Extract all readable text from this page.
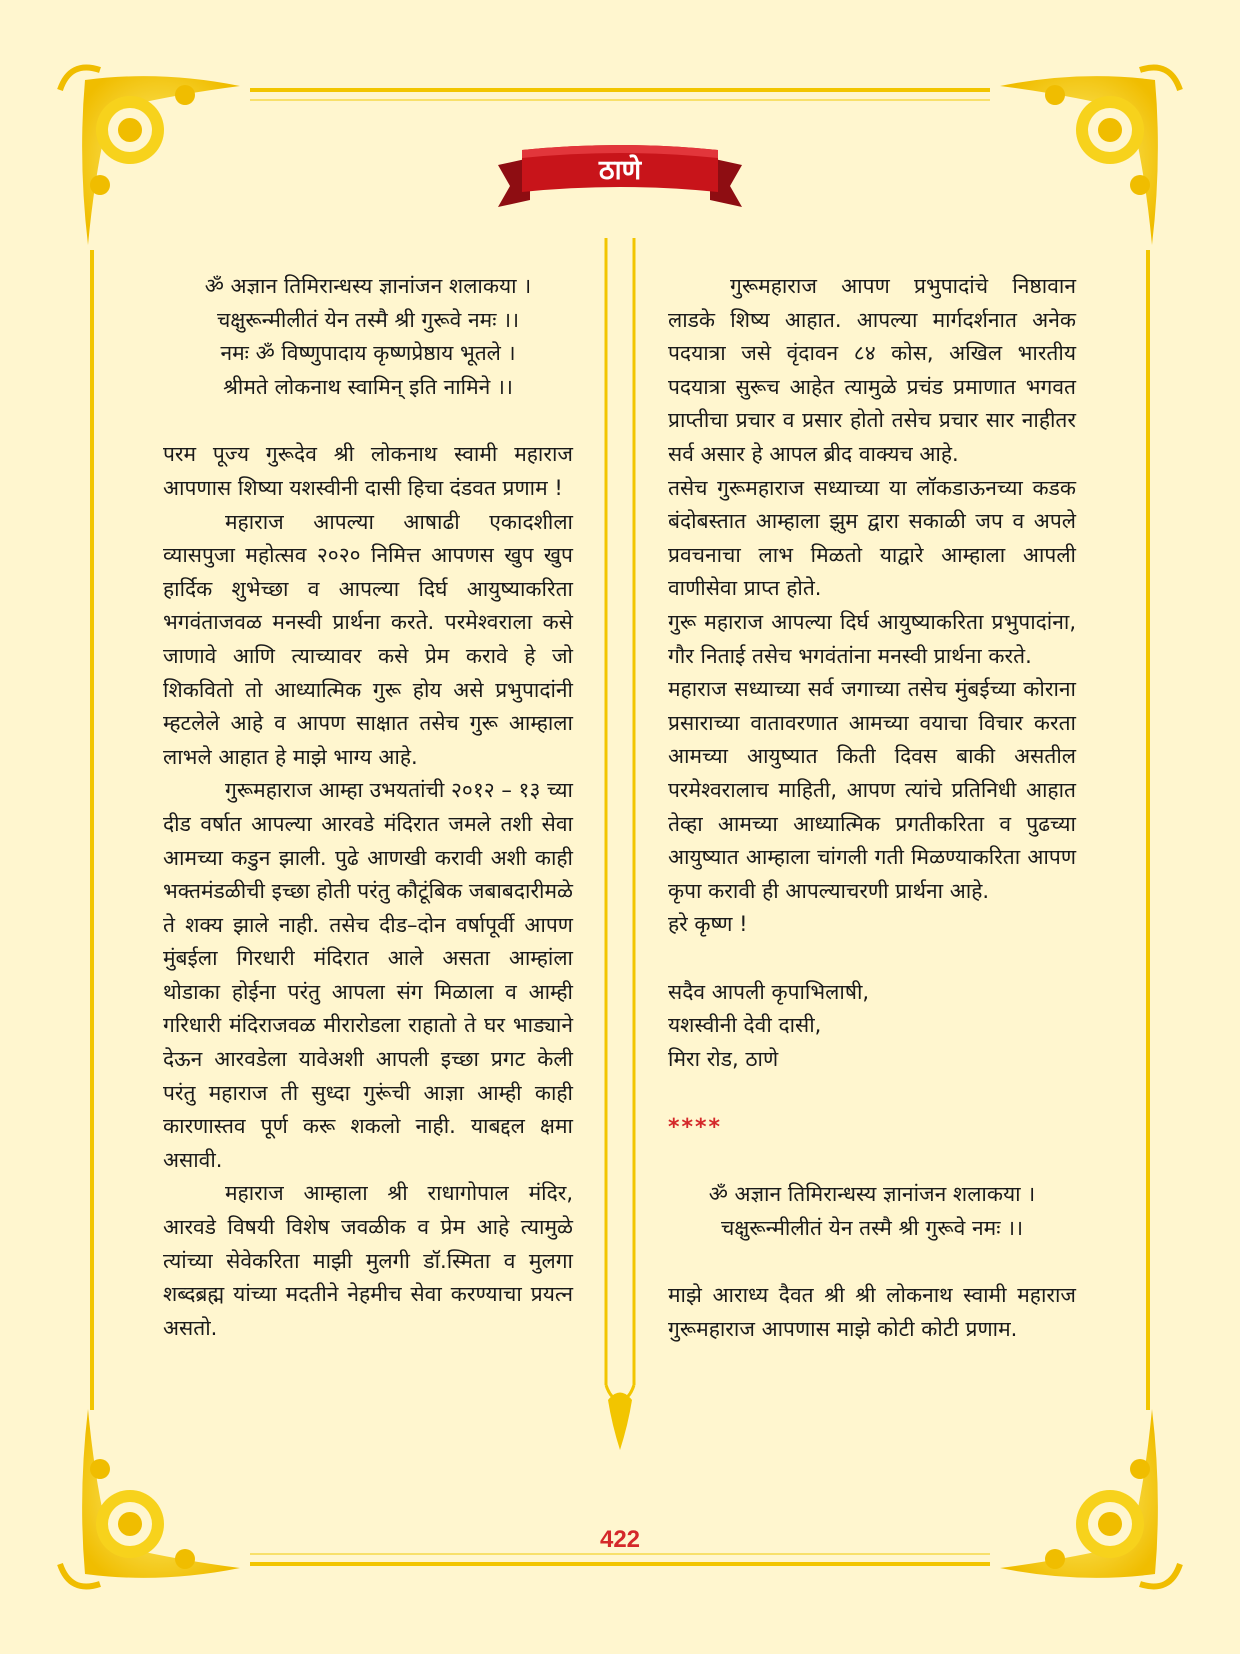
ठाणे
ॐ अज्ञान तिमिरान्धस्य ज्ञानांजन शलाकया ।
चक्षुरून्मीलीतं येन तस्मै श्री गुरूवे नमः ।।
नमः ॐ विष्णुपादाय कृष्णप्रेष्ठाय भूतले ।
श्रीमते लोकनाथ स्वामिन् इति नामिने ।।
परम पूज्य गुरूदेव श्री लोकनाथ स्वामी महाराज आपणास शिष्या यशस्वीनी दासी हिचा दंडवत प्रणाम !
महाराज आपल्या आषाढी एकादशीला व्यासपुजा महोत्सव २०२० निमित्त आपणस खुप खुप हार्दिक शुभेच्छा व आपल्या दिर्घ आयुष्याकरिता भगवंताजवळ मनस्वी प्रार्थना करते. परमेश्वराला कसे जाणावे आणि त्याच्यावर कसे प्रेम करावे हे जो शिकवितो तो आध्यात्मिक गुरू होय असे प्रभुपादांनी म्हटलेले आहे व आपण साक्षात तसेच गुरू आम्हाला लाभले आहात हे माझे भाग्य आहे.
गुरूमहाराज आम्हा उभयतांची २०१२ – १३ च्या दीड वर्षात आपल्या आरवडे मंदिरात जमले तशी सेवा आमच्या कडुन झाली. पुढे आणखी करावी अशी काही भक्तमंडळीची इच्छा होती परंतु कौटूंबिक जबाबदारीमळे ते शक्य झाले नाही. तसेच दीड–दोन वर्षापूर्वी आपण मुंबईला गिरधारी मंदिरात आले असता आम्हांला थोडाका होईना परंतु आपला संग मिळाला व आम्ही गरिधारी मंदिराजवळ मीरारोडला राहातो ते घर भाड्याने देऊन आरवडेला यावेअशी आपली इच्छा प्रगट केली परंतु महाराज ती सुध्दा गुरूंची आज्ञा आम्ही काही कारणास्तव पूर्ण करू शकलो नाही. याबद्दल क्षमा असावी.
महाराज आम्हाला श्री राधागोपाल मंदिर, आरवडे विषयी विशेष जवळीक व प्रेम आहे त्यामुळे त्यांच्या सेवेकरिता माझी मुलगी डॉ.स्मिता व मुलगा शब्दब्रह्म यांच्या मदतीने नेहमीच सेवा करण्याचा प्रयत्न असतो.
गुरूमहाराज आपण प्रभुपादांचे निष्ठावान लाडके शिष्य आहात. आपल्या मार्गदर्शनात अनेक पदयात्रा जसे वृंदावन ८४ कोस, अखिल भारतीय पदयात्रा सुरूच आहेत त्यामुळे प्रचंड प्रमाणात भगवत प्राप्तीचा प्रचार व प्रसार होतो तसेच प्रचार सार नाहीतर सर्व असार हे आपल ब्रीद वाक्यच आहे.
तसेच गुरूमहाराज सध्याच्या या लॉकडाऊनच्या कडक बंदोबस्तात आम्हाला झुम द्वारा सकाळी जप व अपले प्रवचनाचा लाभ मिळतो याद्वारे आम्हाला आपली वाणीसेवा प्राप्त होते.
गुरू महाराज आपल्या दिर्घ आयुष्याकरिता प्रभुपादांना, गौर निताई तसेच भगवंतांना मनस्वी प्रार्थना करते.
महाराज सध्याच्या सर्व जगाच्या तसेच मुंबईच्या कोराना प्रसाराच्या वातावरणात आमच्या वयाचा विचार करता आमच्या आयुष्यात किती दिवस बाकी असतील परमेश्वरालाच माहिती, आपण त्यांचे प्रतिनिधी आहात तेव्हा आमच्या आध्यात्मिक प्रगतीकरिता व पुढच्या आयुष्यात आम्हाला चांगली गती मिळण्याकरिता आपण कृपा करावी ही आपल्याचरणी प्रार्थना आहे.
हरे कृष्ण !
सदैव आपली कृपाभिलाषी,
यशस्वीनी देवी दासी,
मिरा रोड, ठाणे
****
ॐ अज्ञान तिमिरान्धस्य ज्ञानांजन शलाकया ।
चक्षुरून्मीलीतं येन तस्मै श्री गुरूवे नमः ।।
माझे आराध्य दैवत श्री श्री लोकनाथ स्वामी महाराज गुरूमहाराज आपणास माझे कोटी कोटी प्रणाम.
422
